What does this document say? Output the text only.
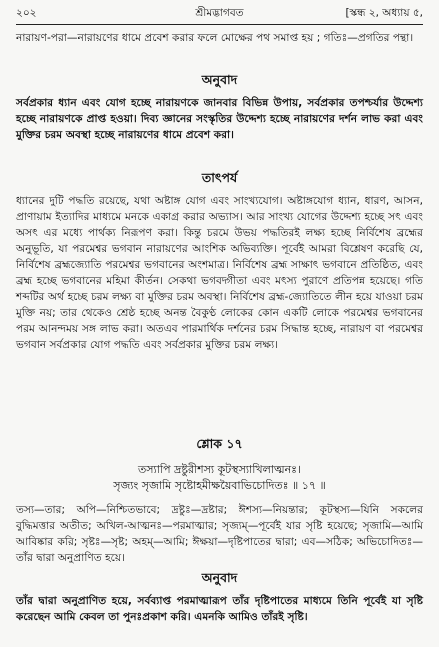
২০২	শ্রীমদ্ভাগবত	[স্কন্ধ ২, অধ্যায় ৫,

নারায়ণ-পরা—নারায়ণের ধামে প্রবেশ করার ফলে মোক্ষের পথ সমাপ্ত হয় ; গতিঃ—প্রগতির পন্থা।

অনুবাদ

সর্বপ্রকার ধ্যান এবং যোগ হচ্ছে নারায়ণকে জানবার বিভিন্ন উপায়, সর্বপ্রকার তপশ্চর্যার উদ্দেশ্য হচ্ছে নারায়ণকে প্রাপ্ত হওয়া। দিব্য জ্ঞানের সংস্কৃতির উদ্দেশ্য হচ্ছে নারায়ণের দর্শন লাভ করা এবং মুক্তির চরম অবস্থা হচ্ছে নারায়ণের ধামে প্রবেশ করা।

তাৎপর্য

ধ্যানের দুটি পদ্ধতি রয়েছে, যথা অষ্টাঙ্গ যোগ এবং সাংখ্যযোগ। অষ্টাঙ্গযোগ ধ্যান, ধারণ, আসন, প্রাণায়াম ইত্যাদির মাধ্যমে মনকে একাগ্র করার অভ্যাস। আর সাংখ্য যোগের উদ্দেশ্য হচ্ছে সৎ এবং অসৎ এর মধ্যে পার্থক্য নিরূপণ করা। কিন্তু চরমে উভয় পদ্ধতিরই লক্ষ্য হচ্ছে নির্বিশেষ ব্রহ্মের অনুভূতি, যা পরমেশ্বর ভগবান নারায়ণের আংশিক অভিব্যক্তি। পূর্বেই আমরা বিশ্লেষণ করেছি যে, নির্বিশেষ ব্রহ্মজ্যোতি পরমেশ্বর ভগবানের অংশমাত্র। নির্বিশেষ ব্রহ্ম সাক্ষাৎ ভগবানে প্রতিষ্ঠিত, এবং ব্রহ্ম হচ্ছে ভগবানের মহিমা কীর্তন। সেকথা ভগবদ্গীতা এবং মৎস্য পুরাণে প্রতিপন্ন হয়েছে। গতি শব্দটির অর্থ হচ্ছে চরম লক্ষ্য বা মুক্তির চরম অবস্থা। নির্বিশেষ ব্রহ্ম-জ্যোতিতে লীন হয়ে যাওয়া চরম মুক্তি নয়; তার থেকেও শ্রেষ্ঠ হচ্ছে অনন্ত বৈকুণ্ঠ লোকের কোন একটি লোকে পরমেশ্বর ভগবানের পরম আনন্দময় সঙ্গ লাভ করা। অতএব পারমার্থিক দর্শনের চরম সিদ্ধান্ত হচ্ছে, নারায়ণ বা পরমেশ্বর ভগবান সর্বপ্রকার যোগ পদ্ধতি এবং সর্বপ্রকার মুক্তির চরম লক্ষ্য।

শ্লোক ১৭

তস্যাপি দ্রষ্টুরীশস্য কূটস্থস্যাখিলাত্মনঃ।

সৃজ্যং সৃজামি সৃষ্টোহমীক্ষয়ৈবাভিচোদিতঃ ॥ ১৭ ॥

তস্য—তার; অপি—নিশ্চিতভাবে; দ্রষ্টুঃ—দ্রষ্টার; ঈশস্য—নিয়ন্তার; কূটস্থস্য—যিনি সকলের বুদ্ধিমত্তার অতীত; অখিল-আত্মনঃ—পরমাত্মার; সৃজ্যম্—পূর্বেই যার সৃষ্টি হয়েছে; সৃজামি—আমি আবিষ্কার করি; সৃষ্টঃ—সৃষ্ট; অহম্—আমি; ঈক্ষয়া—দৃষ্টিপাতের দ্বারা; এব—সঠিক; অভিচোদিতঃ—তাঁর দ্বারা অনুপ্রাণিত হয়ে।

অনুবাদ

তাঁর দ্বারা অনুপ্রাণিত হয়ে, সর্বব্যাপ্ত পরমাত্মারূপ তাঁর দৃষ্টিপাতের মাধ্যমে তিনি পূর্বেই যা সৃষ্টি করেছেন আমি কেবল তা পুনঃপ্রকাশ করি। এমনকি আমিও তাঁরই সৃষ্টি।
